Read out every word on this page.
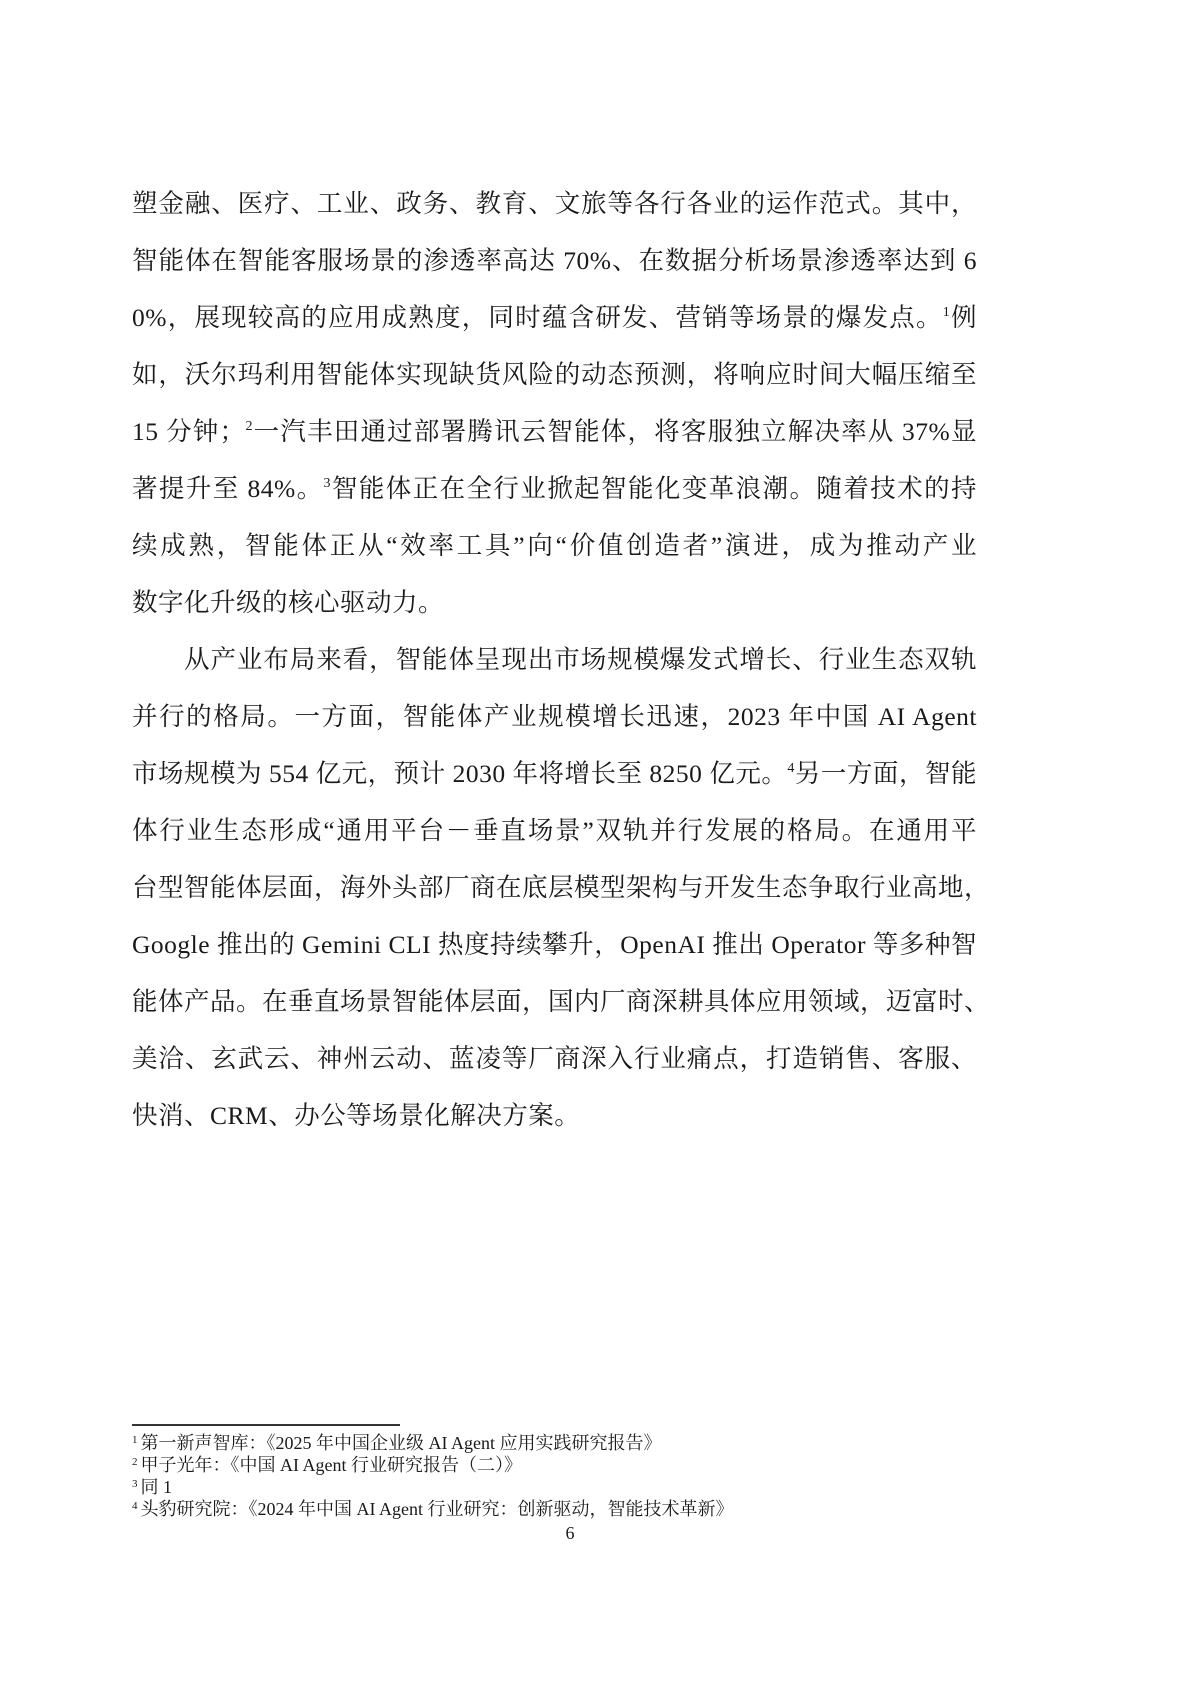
塑金融、医疗、工业、政务、教育、文旅等各行各业的运作范式。其中，
智能体在智能客服场景的渗透率高达 70%、在数据分析场景渗透率达到 6
0%，展现较高的应用成熟度，同时蕴含研发、营销等场景的爆发点。$^1$例
如，沃尔玛利用智能体实现缺货风险的动态预测，将响应时间大幅压缩至
15 分钟；$^2$一汽丰田通过部署腾讯云智能体，将客服独立解决率从 37%显
著提升至 84%。$^3$智能体正在全行业掀起智能化变革浪潮。随着技术的持
续成熟，智能体正从“效率工具”向“价值创造者”演进，成为推动产业
数字化升级的核心驱动力。
从产业布局来看，智能体呈现出市场规模爆发式增长、行业生态双轨
并行的格局。一方面，智能体产业规模增长迅速，2023 年中国 AI Agent
市场规模为 554 亿元，预计 2030 年将增长至 8250 亿元。$^4$另一方面，智能
体行业生态形成“通用平台－垂直场景”双轨并行发展的格局。在通用平
台型智能体层面，海外头部厂商在底层模型架构与开发生态争取行业高地，
Google 推出的 Gemini CLI 热度持续攀升，OpenAI 推出 Operator 等多种智
能体产品。在垂直场景智能体层面，国内厂商深耕具体应用领域，迈富时、
美洽、玄武云、神州云动、蓝凌等厂商深入行业痛点，打造销售、客服、
快消、CRM、办公等场景化解决方案。
$^1$ 第一新声智库：《2025 年中国企业级 AI Agent 应用实践研究报告》
$^2$ 甲子光年：《中国 AI Agent 行业研究报告（二）》
$^3$ 同 1
$^4$ 头豹研究院：《2024 年中国 AI Agent 行业研究：创新驱动，智能技术革新》
6
